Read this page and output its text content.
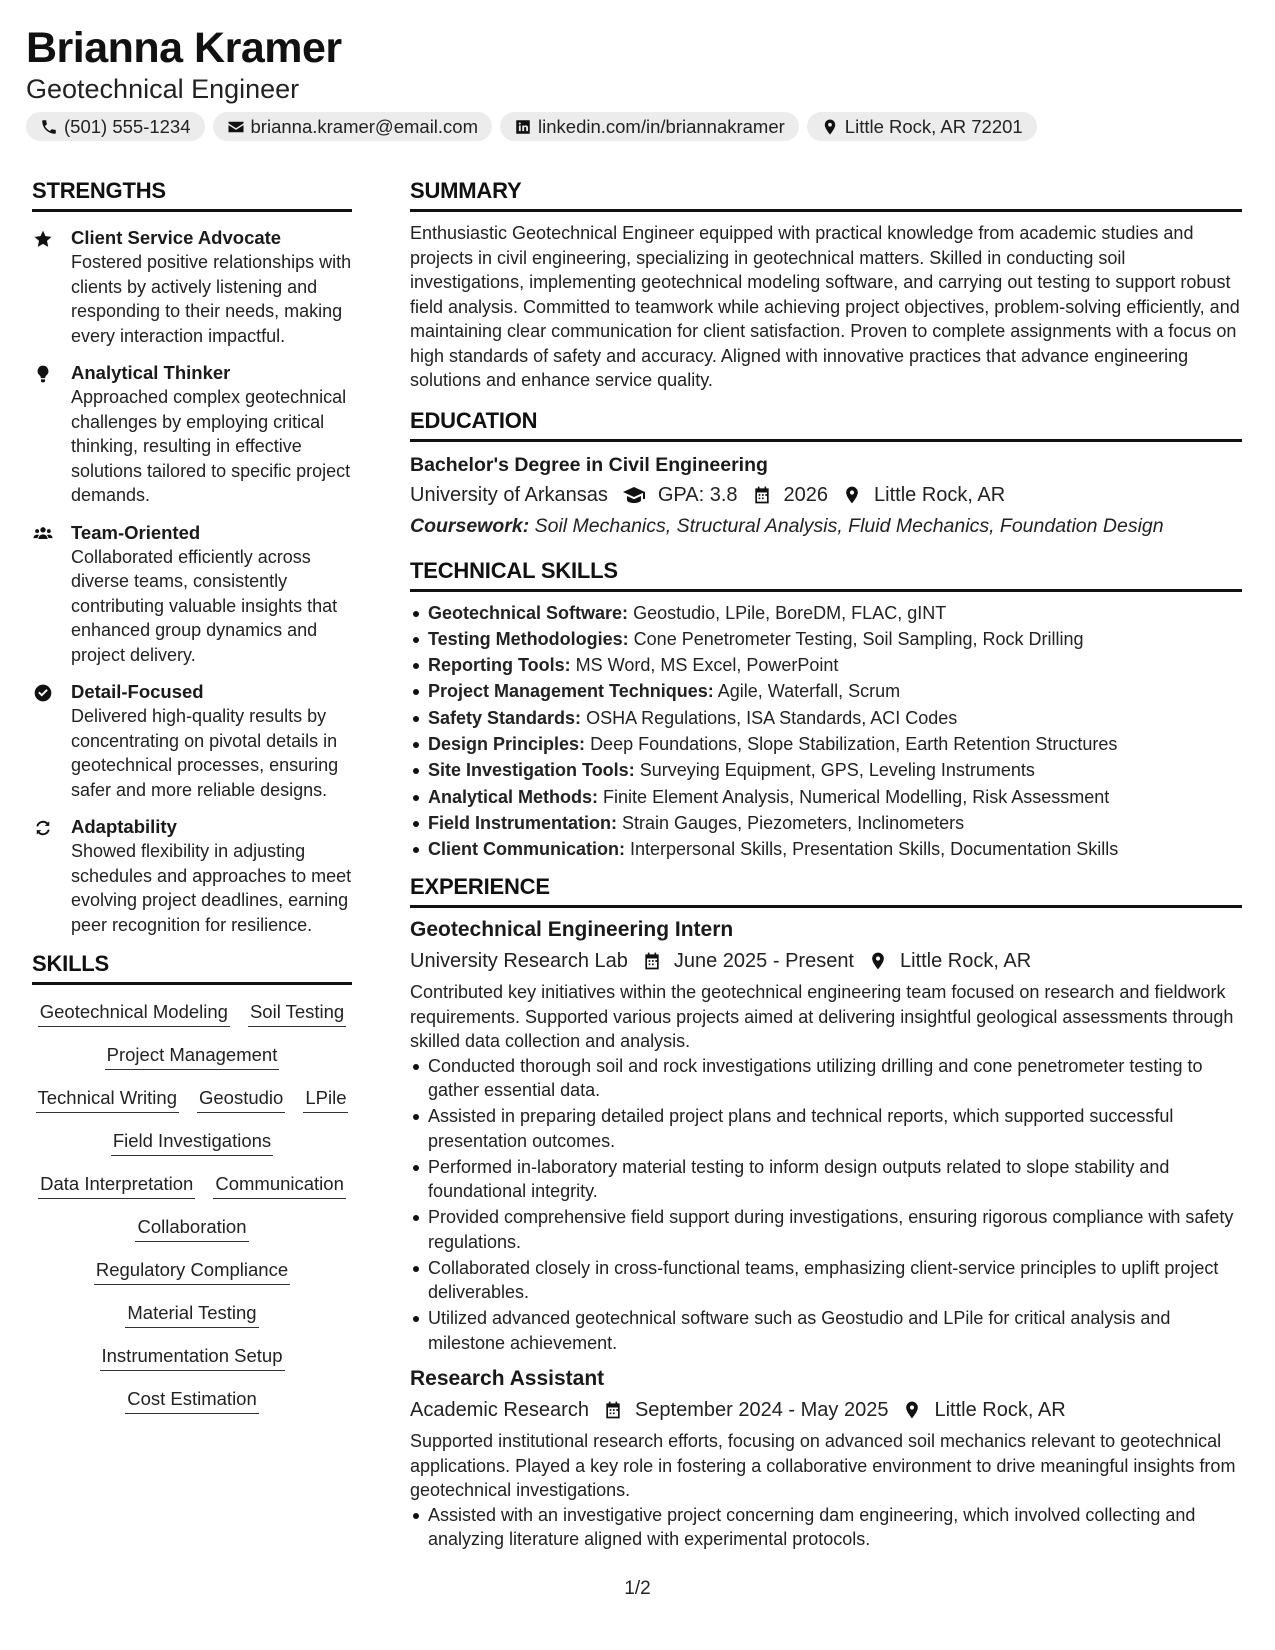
Brianna Kramer
Geotechnical Engineer
(501) 555-1234	brianna.kramer@email.com	linkedin.com/in/briannakramer	Little Rock, AR 72201
STRENGTHS
Client Service Advocate
Fostered positive relationships with clients by actively listening and responding to their needs, making every interaction impactful.
Analytical Thinker
Approached complex geotechnical challenges by employing critical thinking, resulting in effective solutions tailored to specific project demands.
Team-Oriented
Collaborated efficiently across diverse teams, consistently contributing valuable insights that enhanced group dynamics and project delivery.
Detail-Focused
Delivered high-quality results by concentrating on pivotal details in geotechnical processes, ensuring safer and more reliable designs.
Adaptability
Showed flexibility in adjusting schedules and approaches to meet evolving project deadlines, earning peer recognition for resilience.
SKILLS
Geotechnical Modeling Soil Testing
Project Management
Technical Writing Geostudio LPile
Field Investigations
Data Interpretation Communication
Collaboration
Regulatory Compliance
Material Testing
Instrumentation Setup
Cost Estimation
SUMMARY
Enthusiastic Geotechnical Engineer equipped with practical knowledge from academic studies and projects in civil engineering, specializing in geotechnical matters. Skilled in conducting soil investigations, implementing geotechnical modeling software, and carrying out testing to support robust field analysis. Committed to teamwork while achieving project objectives, problem-solving efficiently, and maintaining clear communication for client satisfaction. Proven to complete assignments with a focus on high standards of safety and accuracy. Aligned with innovative practices that advance engineering solutions and enhance service quality.
EDUCATION
Bachelor's Degree in Civil Engineering
University of Arkansas	GPA: 3.8 2026 Little Rock, AR
Coursework: Soil Mechanics, Structural Analysis, Fluid Mechanics, Foundation Design
TECHNICAL SKILLS
Geotechnical Software: Geostudio, LPile, BoreDM, FLAC, gINT
Testing Methodologies: Cone Penetrometer Testing, Soil Sampling, Rock Drilling
Reporting Tools: MS Word, MS Excel, PowerPoint
Project Management Techniques: Agile, Waterfall, Scrum
Safety Standards: OSHA Regulations, ISA Standards, ACI Codes
Design Principles: Deep Foundations, Slope Stabilization, Earth Retention Structures
Site Investigation Tools: Surveying Equipment, GPS, Leveling Instruments
Analytical Methods: Finite Element Analysis, Numerical Modelling, Risk Assessment
Field Instrumentation: Strain Gauges, Piezometers, Inclinometers
Client Communication: Interpersonal Skills, Presentation Skills, Documentation Skills
EXPERIENCE
Geotechnical Engineering Intern
University Research Lab June 2025 - Present Little Rock, AR
Contributed key initiatives within the geotechnical engineering team focused on research and fieldwork requirements. Supported various projects aimed at delivering insightful geological assessments through skilled data collection and analysis.
Conducted thorough soil and rock investigations utilizing drilling and cone penetrometer testing to gather essential data.
Assisted in preparing detailed project plans and technical reports, which supported successful presentation outcomes.
Performed in-laboratory material testing to inform design outputs related to slope stability and foundational integrity.
Provided comprehensive field support during investigations, ensuring rigorous compliance with safety regulations.
Collaborated closely in cross-functional teams, emphasizing client-service principles to uplift project deliverables.
Utilized advanced geotechnical software such as Geostudio and LPile for critical analysis and milestone achievement.
Research Assistant
Academic Research September 2024 - May 2025 Little Rock, AR
Supported institutional research efforts, focusing on advanced soil mechanics relevant to geotechnical applications. Played a key role in fostering a collaborative environment to drive meaningful insights from geotechnical investigations.
Assisted with an investigative project concerning dam engineering, which involved collecting and analyzing literature aligned with experimental protocols.
1/2
